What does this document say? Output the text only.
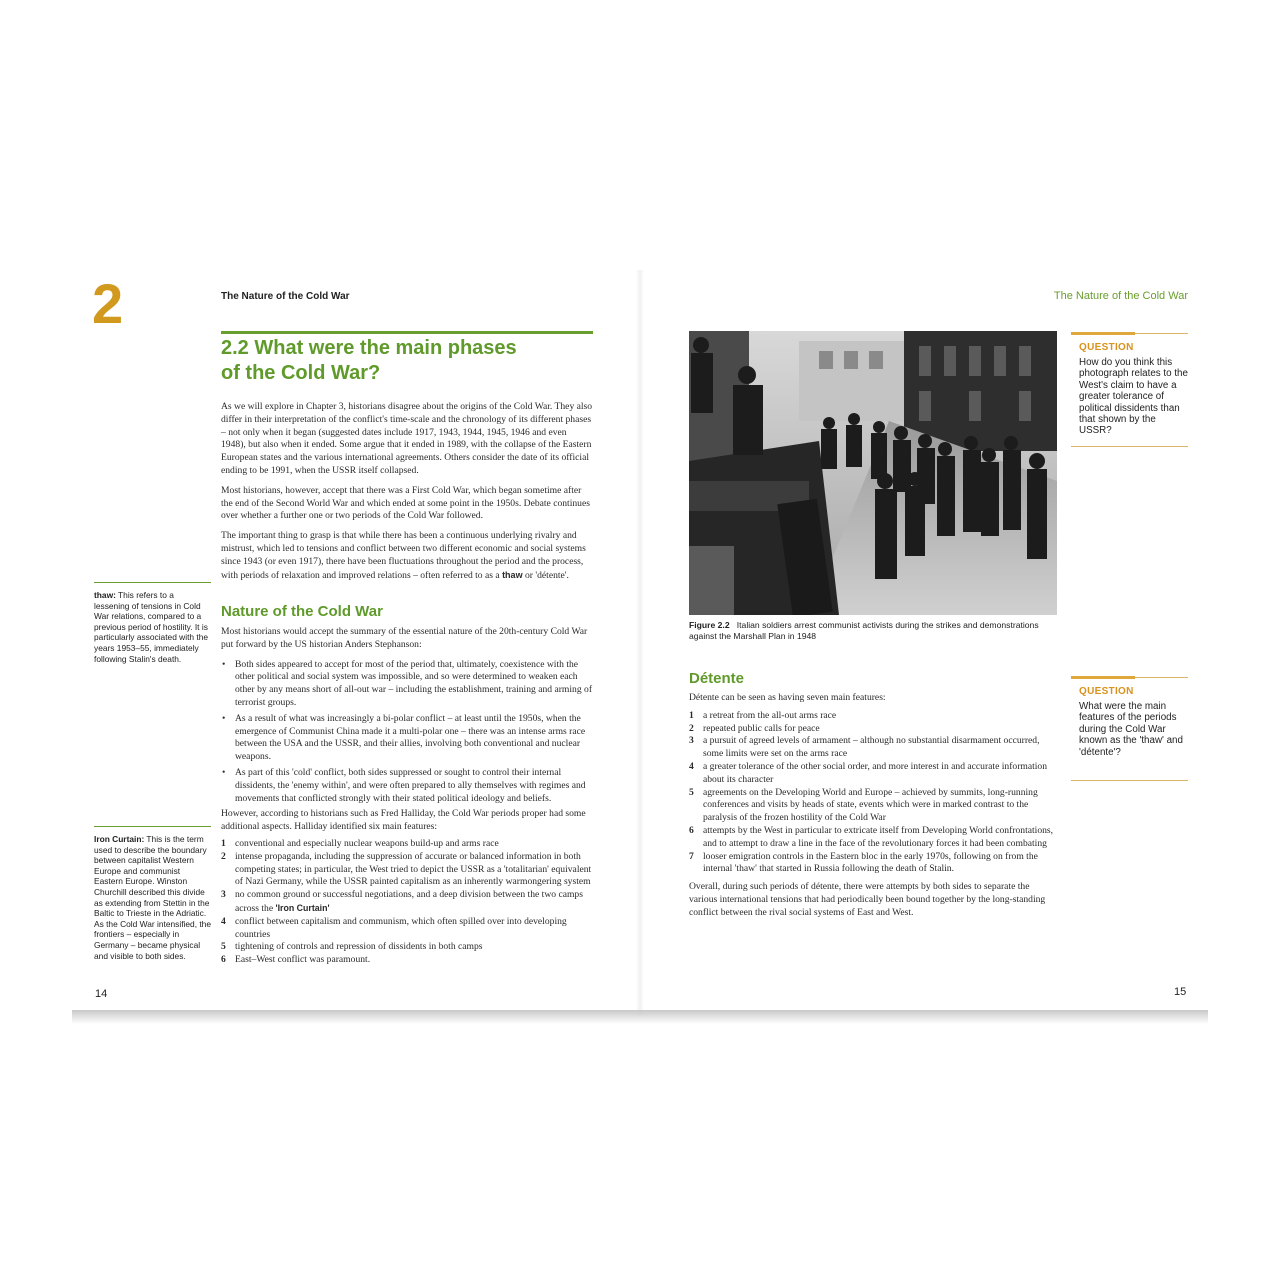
2	The Nature of the Cold War
2.2 What were the main phases
of the Cold War?

As we will explore in Chapter 3, historians disagree about the origins of the Cold War. They also differ in their interpretation of the conflict's time-scale and the chronology of its different phases – not only when it began (suggested dates include 1917, 1943, 1944, 1945, 1946 and even 1948), but also when it ended. Some argue that it ended in 1989, with the collapse of the Eastern European states and the various international agreements. Others consider the date of its official ending to be 1991, when the USSR itself collapsed.

Most historians, however, accept that there was a First Cold War, which began sometime after the end of the Second World War and which ended at some point in the 1950s. Debate continues over whether a further one or two periods of the Cold War followed.

The important thing to grasp is that while there has been a continuous underlying rivalry and mistrust, which led to tensions and conflict between two different economic and social systems since 1943 (or even 1917), there have been fluctuations throughout the period and the process, with periods of relaxation and improved relations – often referred to as a thaw or 'détente'.

Nature of the Cold War

Most historians would accept the summary of the essential nature of the 20th-century Cold War put forward by the US historian Anders Stephanson:

• Both sides appeared to accept for most of the period that, ultimately, coexistence with the other political and social system was impossible, and so were determined to weaken each other by any means short of all-out war – including the establishment, training and arming of terrorist groups.
• As a result of what was increasingly a bi-polar conflict – at least until the 1950s, when the emergence of Communist China made it a multi-polar one – there was an intense arms race between the USA and the USSR, and their allies, involving both conventional and nuclear weapons.
• As part of this 'cold' conflict, both sides suppressed or sought to control their internal dissidents, the 'enemy within', and were often prepared to ally themselves with regimes and movements that conflicted strongly with their stated political ideology and beliefs.

However, according to historians such as Fred Halliday, the Cold War periods proper had some additional aspects. Halliday identified six main features:

1 conventional and especially nuclear weapons build-up and arms race
2 intense propaganda, including the suppression of accurate or balanced information in both competing states; in particular, the West tried to depict the USSR as a 'totalitarian' equivalent of Nazi Germany, while the USSR painted capitalism as an inherently warmongering system
3 no common ground or successful negotiations, and a deep division between the two camps across the 'Iron Curtain'
4 conflict between capitalism and communism, which often spilled over into developing countries
5 tightening of controls and repression of dissidents in both camps
6 East–West conflict was paramount.
thaw: This refers to a lessening of tensions in Cold War relations, compared to a previous period of hostility. It is particularly associated with the years 1953–55, immediately following Stalin's death.
Iron Curtain: This is the term used to describe the boundary between capitalist Western Europe and communist Eastern Europe. Winston Churchill described this divide as extending from Stettin in the Baltic to Trieste in the Adriatic. As the Cold War intensified, the frontiers – especially in Germany – became physical and visible to both sides.
14
The Nature of the Cold War
Figure 2.2 Italian soldiers arrest communist activists during the strikes and demonstrations against the Marshall Plan in 1948
QUESTION
How do you think this photograph relates to the West's claim to have a greater tolerance of political dissidents than that shown by the USSR?
Détente

Détente can be seen as having seven main features:

1 a retreat from the all-out arms race
2 repeated public calls for peace
3 a pursuit of agreed levels of armament – although no substantial disarmament occurred, some limits were set on the arms race
4 a greater tolerance of the other social order, and more interest in and accurate information about its character
5 agreements on the Developing World and Europe – achieved by summits, long-running conferences and visits by heads of state, events which were in marked contrast to the paralysis of the frozen hostility of the Cold War
6 attempts by the West in particular to extricate itself from Developing World confrontations, and to attempt to draw a line in the face of the revolutionary forces it had been combating
7 looser emigration controls in the Eastern bloc in the early 1970s, following on from the internal 'thaw' that started in Russia following the death of Stalin.

Overall, during such periods of détente, there were attempts by both sides to separate the various international tensions that had periodically been bound together by the long-standing conflict between the rival social systems of East and West.

QUESTION
What were the main features of the periods during the Cold War known as the 'thaw' and 'détente'?
15
